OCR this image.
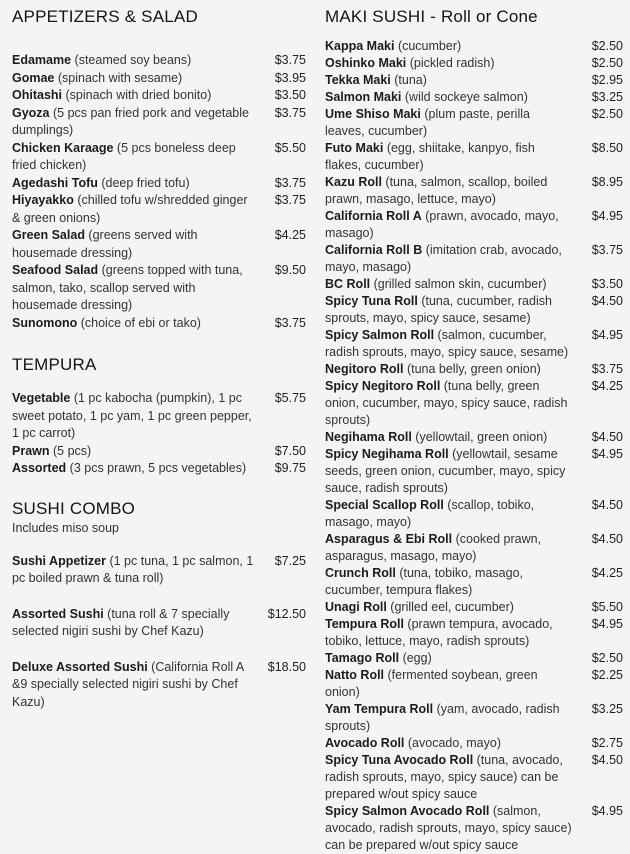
APPETIZERS & SALAD
Edamame (steamed soy beans)	$3.75
Gomae (spinach with sesame)	$3.95
Ohitashi (spinach with dried bonito)	$3.50
Gyoza (5 pcs pan fried pork and vegetable dumplings)
$3.75
Chicken Karaage (5 pcs boneless deep fried chicken)
$5.50
Agedashi Tofu (deep fried tofu)	$3.75
Hiyayakko (chilled tofu w/shredded ginger & green onions)
$3.75
Green Salad (greens served with housemade dressing)
$4.25
Seafood Salad (greens topped with tuna, salmon, tako, scallop served with housemade dressing)
$9.50
Sunomono (choice of ebi or tako)	$3.75
TEMPURA
Vegetable (1 pc kabocha (pumpkin), 1 pc sweet potato, 1 pc yam, 1 pc green pepper, 1 pc carrot)
$5.75
Prawn (5 pcs)	$7.50
Assorted (3 pcs prawn, 5 pcs vegetables)	$9.75
SUSHI COMBO
Includes miso soup
Sushi Appetizer (1 pc tuna, 1 pc salmon, 1 pc boiled prawn & tuna roll)
$7.25
Assorted Sushi (tuna roll & 7 specially selected nigiri sushi by Chef Kazu)
$12.50
Deluxe Assorted Sushi (California Roll A &9 specially selected nigiri sushi by Chef Kazu)
$18.50
MAKI SUSHI - Roll or Cone
Kappa Maki (cucumber)	$2.50
Oshinko Maki (pickled radish)	$2.50
Tekka Maki (tuna)	$2.95
Salmon Maki (wild sockeye salmon)	$3.25
Ume Shiso Maki (plum paste, perilla leaves, cucumber)
$2.50
Futo Maki (egg, shiitake, kanpyo, fish flakes, cucumber)
$8.50
Kazu Roll (tuna, salmon, scallop, boiled prawn, masago, lettuce, mayo)
$8.95
California Roll A (prawn, avocado, mayo, masago)
$4.95
California Roll B (imitation crab, avocado, mayo, masago)
$3.75
BC Roll (grilled salmon skin, cucumber)	$3.50
Spicy Tuna Roll (tuna, cucumber, radish sprouts, mayo, spicy sauce, sesame)
$4.50
Spicy Salmon Roll (salmon, cucumber, radish sprouts, mayo, spicy sauce, sesame)
$4.95
Negitoro Roll (tuna belly, green onion)	$3.75
Spicy Negitoro Roll (tuna belly, green onion, cucumber, mayo, spicy sauce, radish sprouts)
$4.25
Negihama Roll (yellowtail, green onion)	$4.50
Spicy Negihama Roll (yellowtail, sesame seeds, green onion, cucumber, mayo, spicy sauce, radish sprouts)
$4.95
Special Scallop Roll (scallop, tobiko, masago, mayo)
$4.50
Asparagus & Ebi Roll (cooked prawn, asparagus, masago, mayo)
$4.50
Crunch Roll (tuna, tobiko, masago, cucumber, tempura flakes)
$4.25
Unagi Roll (grilled eel, cucumber)	$5.50
Tempura Roll (prawn tempura, avocado, tobiko, lettuce, mayo, radish sprouts)
$4.95
Tamago Roll (egg)	$2.50
Natto Roll (fermented soybean, green onion)
$2.25
Yam Tempura Roll (yam, avocado, radish sprouts)
$3.25
Avocado Roll (avocado, mayo)	$2.75
Spicy Tuna Avocado Roll (tuna, avocado, radish sprouts, mayo, spicy sauce) can be prepared w/out spicy sauce
$4.50
Spicy Salmon Avocado Roll (salmon, avocado, radish sprouts, mayo, spicy sauce) can be prepared w/out spicy sauce
$4.95
